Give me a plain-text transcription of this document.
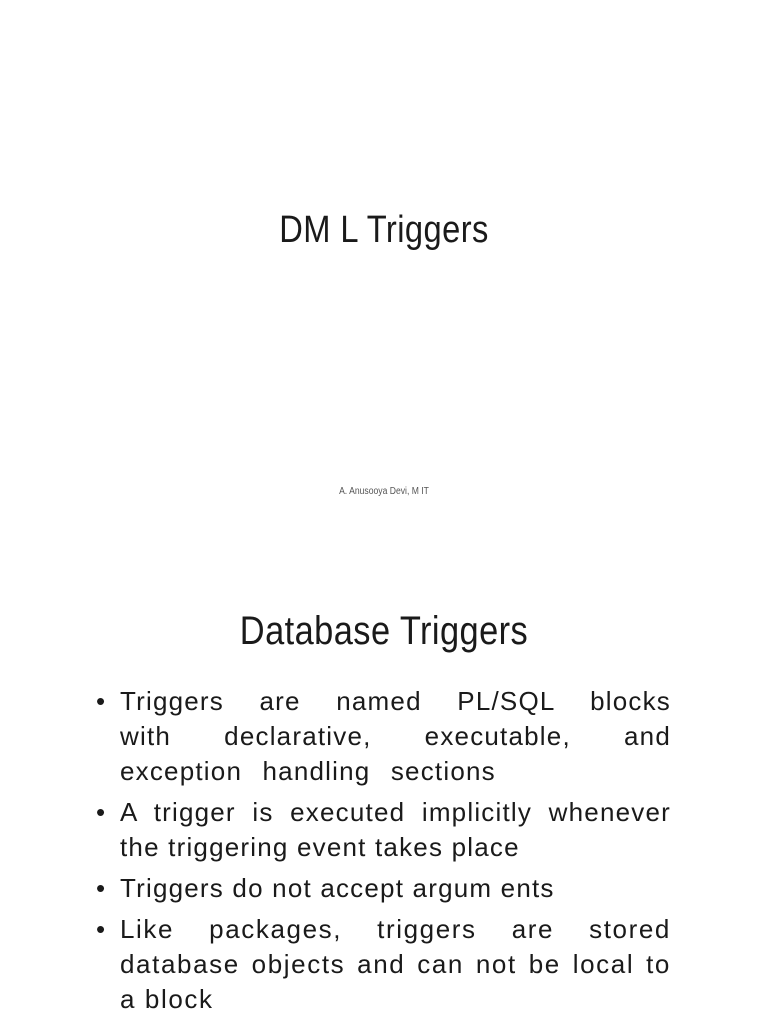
DM L Triggers
A. Anusooya Devi, M IT
Database Triggers
• Triggers are named PL/SQL blocks with declarative, executable, and exception handling sections
• A trigger is executed implicitly whenever the triggering event takes place
• Triggers do not accept argum ents
• Like packages, triggers are stored database objects and can not be local to a block
